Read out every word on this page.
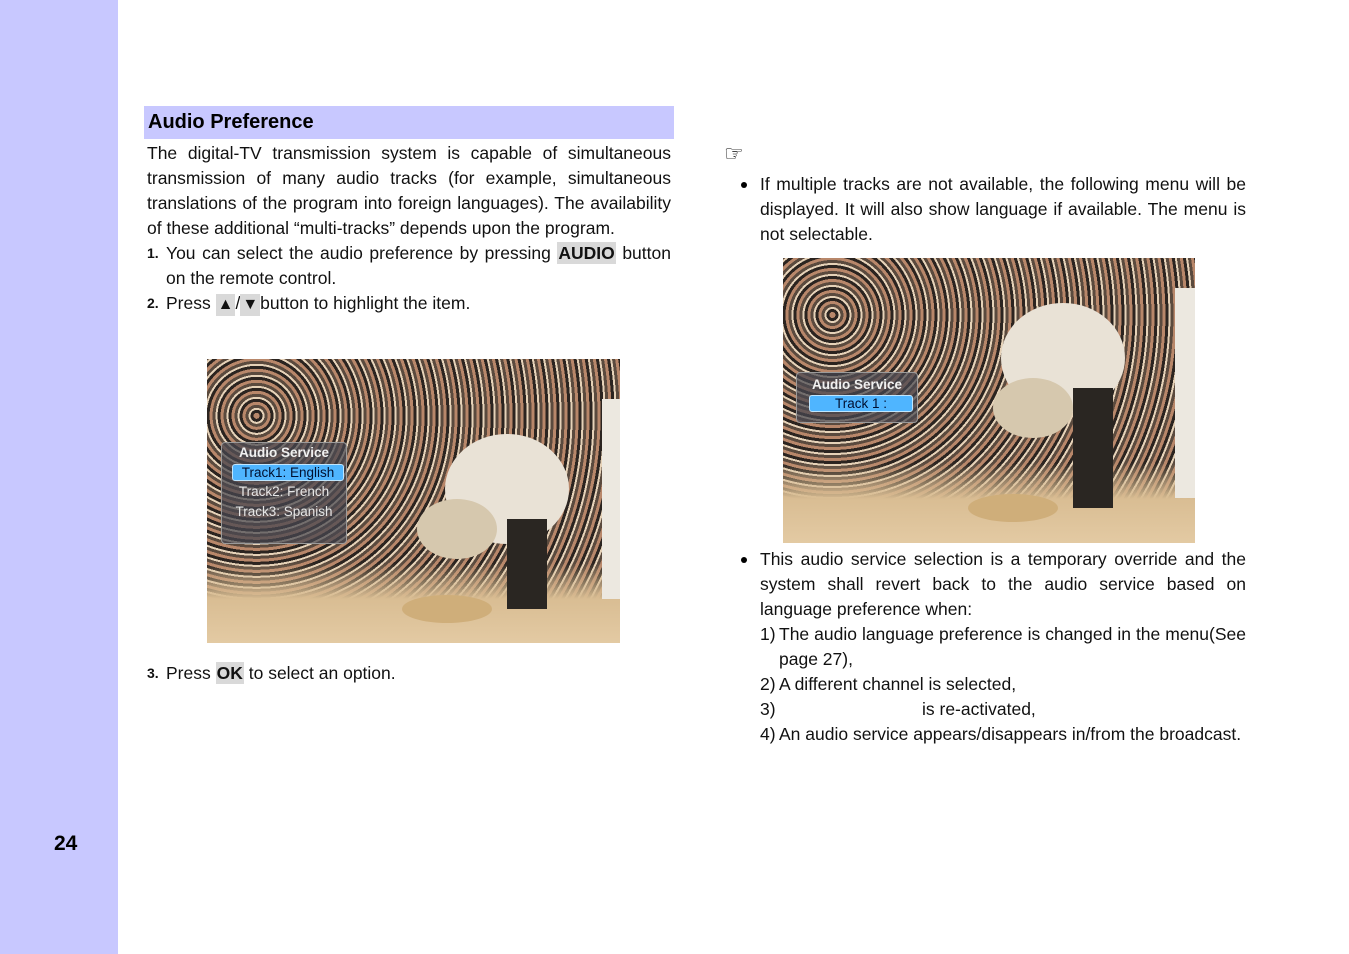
24
Audio Preference

The digital-TV transmission system is capable of simultaneous transmission of many audio tracks (for example, simultaneous translations of the program into foreign languages). The availability of these additional “multi-tracks” depends upon the program.

1. You can select the audio preference by pressing AUDIO button on the remote control.
2. Press ▲ / ▼ button to highlight the item.
Audio Service
Track1: English
Track2: French
Track3: Spanish
3. Press OK to select an option.
☞
If multiple tracks are not available, the following menu will be displayed. It will also show language if available. The menu is not selectable.
Audio Service
Track 1 :
This audio service selection is a temporary override and the system shall revert back to the audio service based on language preference when:
1) The audio language preference is changed in the menu(See page 27),
2) A different channel is selected,
3)	is re-activated,
4) An audio service appears/disappears in/from the broadcast.
